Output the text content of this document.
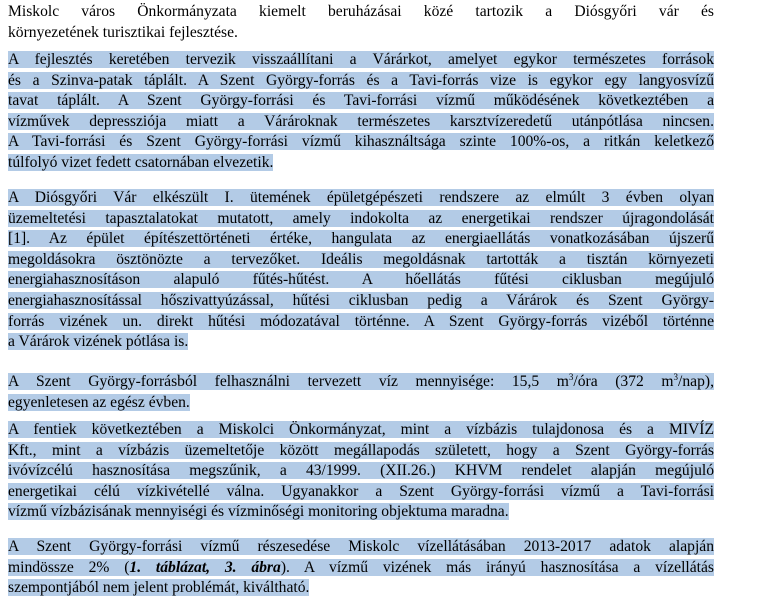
Miskolc város Önkormányzata kiemelt beruházásai közé tartozik a Diósgyőri vár és
környezetének turisztikai fejlesztése.
A fejlesztés keretében tervezik visszaállítani a Várárkot, amelyet egykor természetes források
és a Szinva-patak táplált. A Szent György-forrás és a Tavi-forrás vize is egykor egy langyosvízű
tavat táplált. A Szent György-forrási és Tavi-forrási vízmű működésének következtében a
vízművek depressziója miatt a Várároknak természetes karsztvízeredetű utánpótlása nincsen.
A Tavi-forrási és Szent György-forrási vízmű kihasználtsága szinte 100%-os, a ritkán keletkező
túlfolyó vizet fedett csatornában elvezetik.
A Diósgyőri Vár elkészült I. ütemének épületgépészeti rendszere az elmúlt 3 évben olyan
üzemeltetési tapasztalatokat mutatott, amely indokolta az energetikai rendszer újragondolását
[1]. Az épület építészettörténeti értéke, hangulata az energiaellátás vonatkozásában újszerű
megoldásokra ösztönözte a tervezőket. Ideális megoldásnak tartották a tisztán környezeti
energiahasznosításon alapuló fűtés-hűtést. A hőellátás fűtési ciklusban megújuló
energiahasznosítással hőszivattyúzással, hűtési ciklusban pedig a Várárok és Szent György-
forrás vizének un. direkt hűtési módozatával történne. A Szent György-forrás vizéből történne
a Várárok vizének pótlása is.
A Szent György-forrásból felhasználni tervezett víz mennyisége: 15,5 $m^3$/óra (372 $m^3/nap$),
egyenletesen az egész évben.
A fentiek következtében a Miskolci Önkormányzat, mint a vízbázis tulajdonosa és a MIVÍZ
Kft., mint a vízbázis üzemeltetője között megállapodás született, hogy a Szent György-forrás
ivóvízcélú hasznosítása megszűnik, a 43/1999. (XII.26.) KHVM rendelet alapján megújuló
energetikai célú vízkivétellé válna. Ugyanakkor a Szent György-forrási vízmű a Tavi-forrási
vízmű vízbázisának mennyiségi és vízminőségi monitoring objektuma maradna.
A Szent György-forrási vízmű részesedése Miskolc vízellátásában 2013-2017 adatok alapján
mindössze 2% (1. táblázat, 3. ábra). A vízmű vizének más irányú hasznosítása a vízellátás
szempontjából nem jelent problémát, kiváltható.
